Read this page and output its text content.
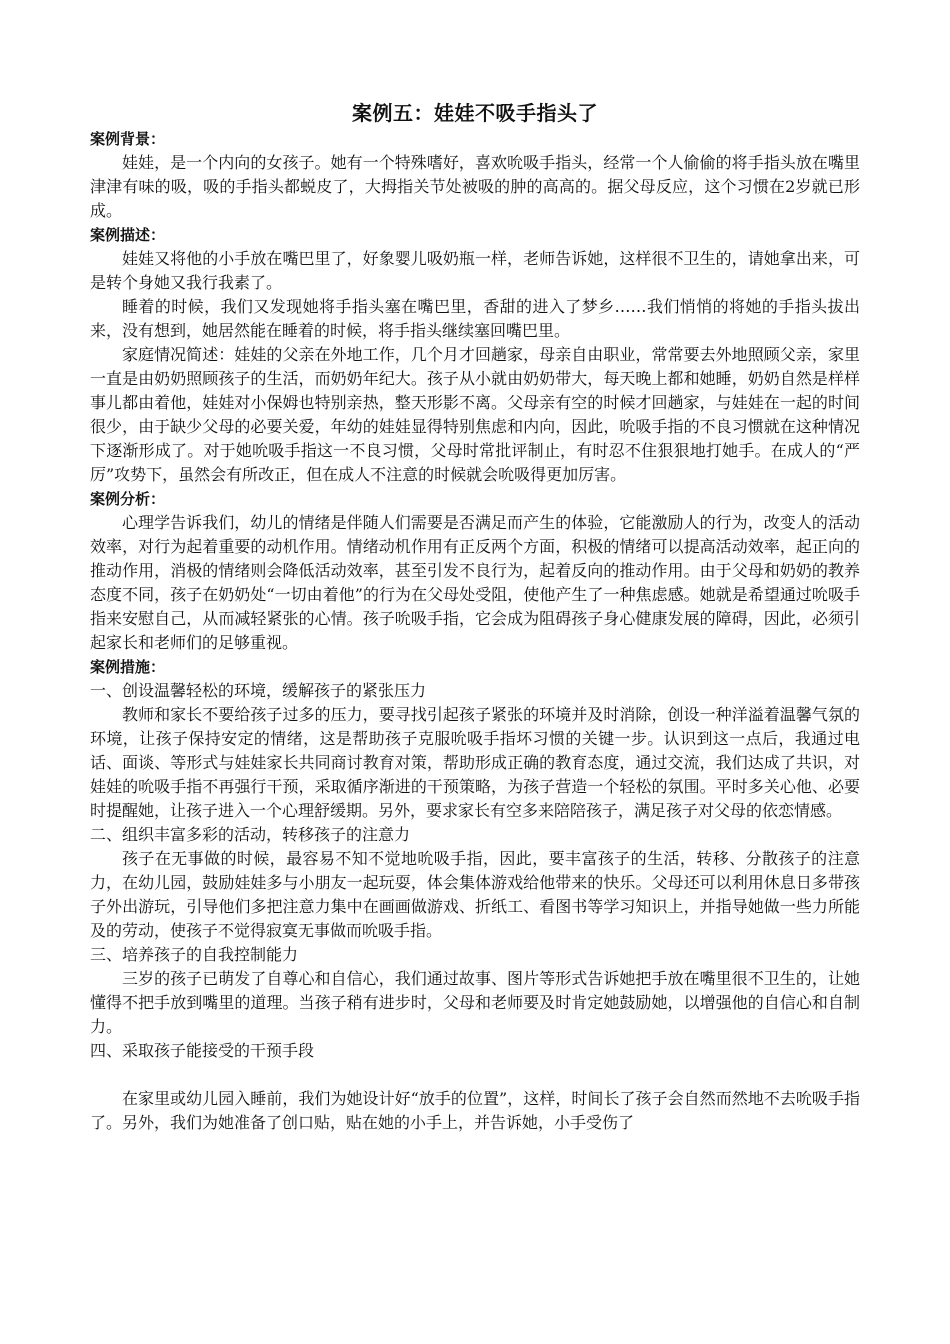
案例五：娃娃不吸手指头了
案例背景：

娃娃，是一个内向的女孩子。她有一个特殊嗜好，喜欢吮吸手指头，经常一个人偷偷的将手指头放在嘴里津津有味的吸，吸的手指头都蜕皮了，大拇指关节处被吸的肿的高高的。据父母反应，这个习惯在2岁就已形成。

案例描述：

娃娃又将他的小手放在嘴巴里了，好象婴儿吸奶瓶一样，老师告诉她，这样很不卫生的，请她拿出来，可是转个身她又我行我素了。

睡着的时候，我们又发现她将手指头塞在嘴巴里，香甜的进入了梦乡……我们悄悄的将她的手指头拔出来，没有想到，她居然能在睡着的时候，将手指头继续塞回嘴巴里。

家庭情况简述：娃娃的父亲在外地工作，几个月才回趟家，母亲自由职业，常常要去外地照顾父亲，家里一直是由奶奶照顾孩子的生活，而奶奶年纪大。孩子从小就由奶奶带大，每天晚上都和她睡，奶奶自然是样样事儿都由着他，娃娃对小保姆也特别亲热，整天形影不离。父母亲有空的时候才回趟家，与娃娃在一起的时间很少，由于缺少父母的必要关爱，年幼的娃娃显得特别焦虑和内向，因此，吮吸手指的不良习惯就在这种情况下逐渐形成了。对于她吮吸手指这一不良习惯，父母时常批评制止，有时忍不住狠狠地打她手。在成人的“严厉”攻势下，虽然会有所改正，但在成人不注意的时候就会吮吸得更加厉害。

案例分析：

心理学告诉我们，幼儿的情绪是伴随人们需要是否满足而产生的体验，它能激励人的行为，改变人的活动效率，对行为起着重要的动机作用。情绪动机作用有正反两个方面，积极的情绪可以提高活动效率，起正向的推动作用，消极的情绪则会降低活动效率，甚至引发不良行为，起着反向的推动作用。由于父母和奶奶的教养态度不同，孩子在奶奶处“一切由着他”的行为在父母处受阻，使他产生了一种焦虑感。她就是希望通过吮吸手指来安慰自己，从而减轻紧张的心情。孩子吮吸手指，它会成为阻碍孩子身心健康发展的障碍，因此，必须引起家长和老师们的足够重视。

案例措施：

一、创设温馨轻松的环境，缓解孩子的紧张压力

教师和家长不要给孩子过多的压力，要寻找引起孩子紧张的环境并及时消除，创设一种洋溢着温馨气氛的环境，让孩子保持安定的情绪，这是帮助孩子克服吮吸手指坏习惯的关键一步。认识到这一点后，我通过电话、面谈、等形式与娃娃家长共同商讨教育对策，帮助形成正确的教育态度，通过交流，我们达成了共识，对娃娃的吮吸手指不再强行干预，采取循序渐进的干预策略，为孩子营造一个轻松的氛围。平时多关心他、必要时提醒她，让孩子进入一个心理舒缓期。另外，要求家长有空多来陪陪孩子，满足孩子对父母的依恋情感。

二、组织丰富多彩的活动，转移孩子的注意力

孩子在无事做的时候，最容易不知不觉地吮吸手指，因此，要丰富孩子的生活，转移、分散孩子的注意力，在幼儿园，鼓励娃娃多与小朋友一起玩耍，体会集体游戏给他带来的快乐。父母还可以利用休息日多带孩子外出游玩，引导他们多把注意力集中在画画做游戏、折纸工、看图书等学习知识上，并指导她做一些力所能及的劳动，使孩子不觉得寂寞无事做而吮吸手指。

三、培养孩子的自我控制能力

三岁的孩子已萌发了自尊心和自信心，我们通过故事、图片等形式告诉她把手放在嘴里很不卫生的，让她懂得不把手放到嘴里的道理。当孩子稍有进步时，父母和老师要及时肯定她鼓励她，以增强他的自信心和自制力。

四、采取孩子能接受的干预手段

在家里或幼儿园入睡前，我们为她设计好“放手的位置”，这样，时间长了孩子会自然而然地不去吮吸手指了。另外，我们为她准备了创口贴，贴在她的小手上，并告诉她，小手受伤了
